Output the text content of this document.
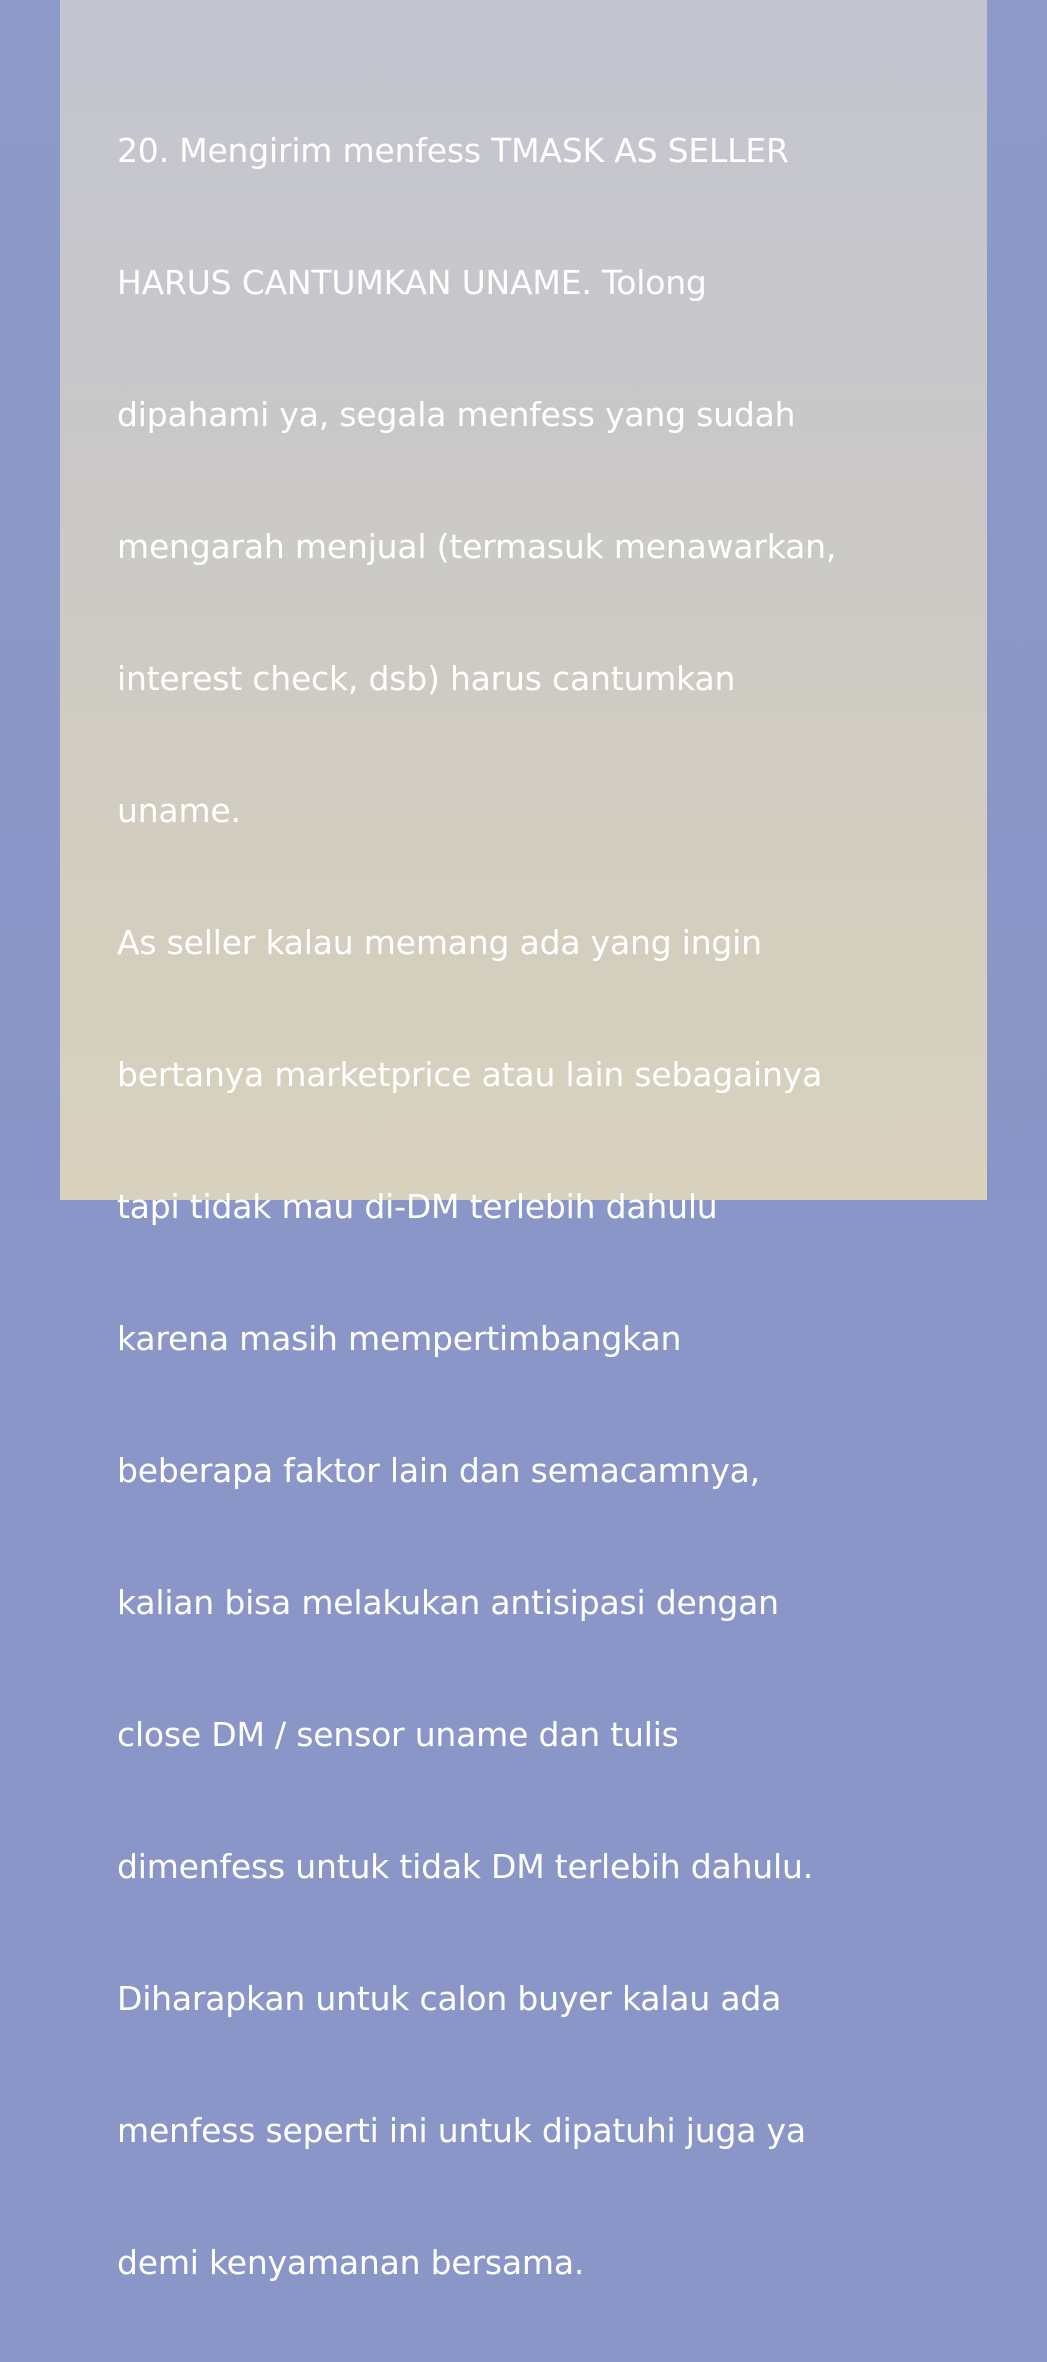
20. Mengirim menfess TMASK AS SELLER

HARUS CANTUMKAN UNAME. Tolong

dipahami ya, segala menfess yang sudah

mengarah menjual (termasuk menawarkan,

interest check, dsb) harus cantumkan

uname.

As seller kalau memang ada yang ingin

bertanya marketprice atau lain sebagainya

tapi tidak mau di-DM terlebih dahulu

karena masih mempertimbangkan

beberapa faktor lain dan semacamnya,

kalian bisa melakukan antisipasi dengan

close DM / sensor uname dan tulis

dimenfess untuk tidak DM terlebih dahulu.

Diharapkan untuk calon buyer kalau ada

menfess seperti ini untuk dipatuhi juga ya

demi kenyamanan bersama.
